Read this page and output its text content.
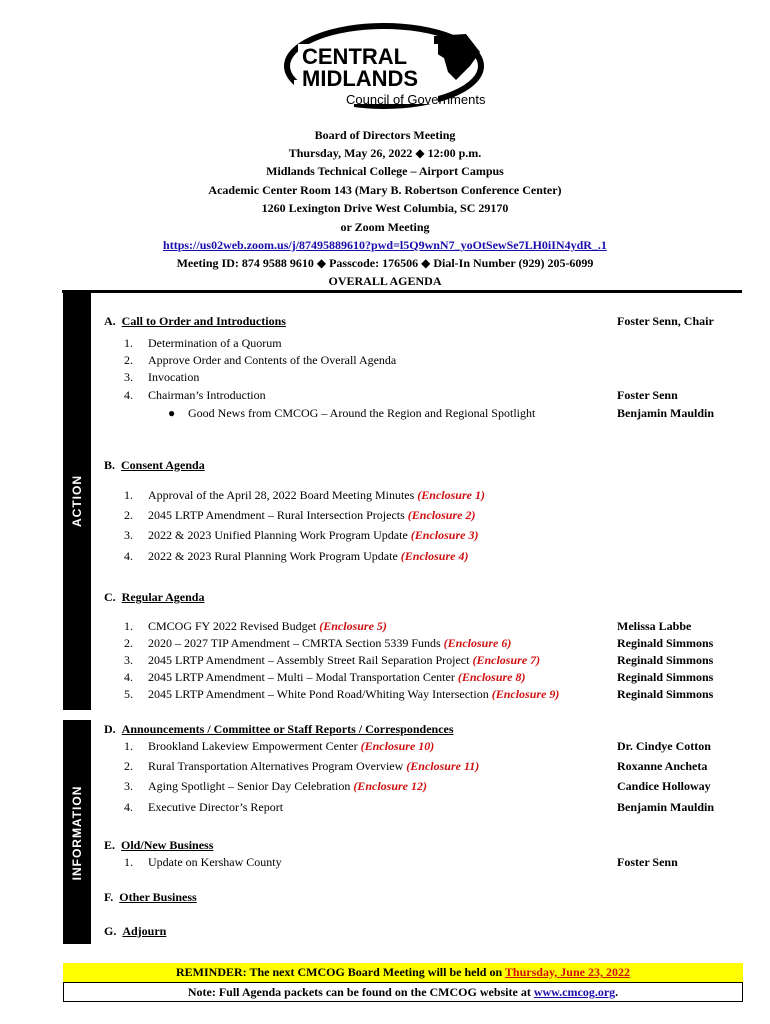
CENTRAL
MIDLANDS
Council of Governments
Board of Directors Meeting
Thursday, May 26, 2022 ◆ 12:00 p.m.
Midlands Technical College – Airport Campus
Academic Center Room 143 (Mary B. Robertson Conference Center)
1260 Lexington Drive West Columbia, SC 29170
or Zoom Meeting
https://us02web.zoom.us/j/87495889610?pwd=l5Q9wnN7_yoOtSewSe7LH0iIN4ydR_.1
Meeting ID: 874 9588 9610 ◆ Passcode: 176506 ◆ Dial-In Number (929) 205-6099
OVERALL AGENDA
ACTION
INFORMATION
A. Call to Order and Introductions	Foster Senn, Chair
1. Determination of a Quorum
2. Approve Order and Contents of the Overall Agenda
3. Invocation
4. Chairman’s Introduction	Foster Senn
● Good News from CMCOG – Around the Region and Regional Spotlight	Benjamin Mauldin
B. Consent Agenda
1. Approval of the April 28, 2022 Board Meeting Minutes (Enclosure 1)
2. 2045 LRTP Amendment – Rural Intersection Projects (Enclosure 2)
3. 2022 & 2023 Unified Planning Work Program Update (Enclosure 3)
4. 2022 & 2023 Rural Planning Work Program Update (Enclosure 4)
C. Regular Agenda
1. CMCOG FY 2022 Revised Budget (Enclosure 5)	Melissa Labbe
2. 2020 – 2027 TIP Amendment – CMRTA Section 5339 Funds (Enclosure 6)	Reginald Simmons
3. 2045 LRTP Amendment – Assembly Street Rail Separation Project (Enclosure 7)	Reginald Simmons
4. 2045 LRTP Amendment – Multi – Modal Transportation Center (Enclosure 8)	Reginald Simmons
5. 2045 LRTP Amendment – White Pond Road/Whiting Way Intersection (Enclosure 9)	Reginald Simmons
D. Announcements / Committee or Staff Reports / Correspondences
1. Brookland Lakeview Empowerment Center (Enclosure 10)	Dr. Cindye Cotton
2. Rural Transportation Alternatives Program Overview (Enclosure 11)	Roxanne Ancheta
3. Aging Spotlight – Senior Day Celebration (Enclosure 12)	Candice Holloway
4. Executive Director’s Report	Benjamin Mauldin
E. Old/New Business
1. Update on Kershaw County	Foster Senn
F. Other Business
G. Adjourn
REMINDER: The next CMCOG Board Meeting will be held on Thursday, June 23, 2022
Note: Full Agenda packets can be found on the CMCOG website at www.cmcog.org.
